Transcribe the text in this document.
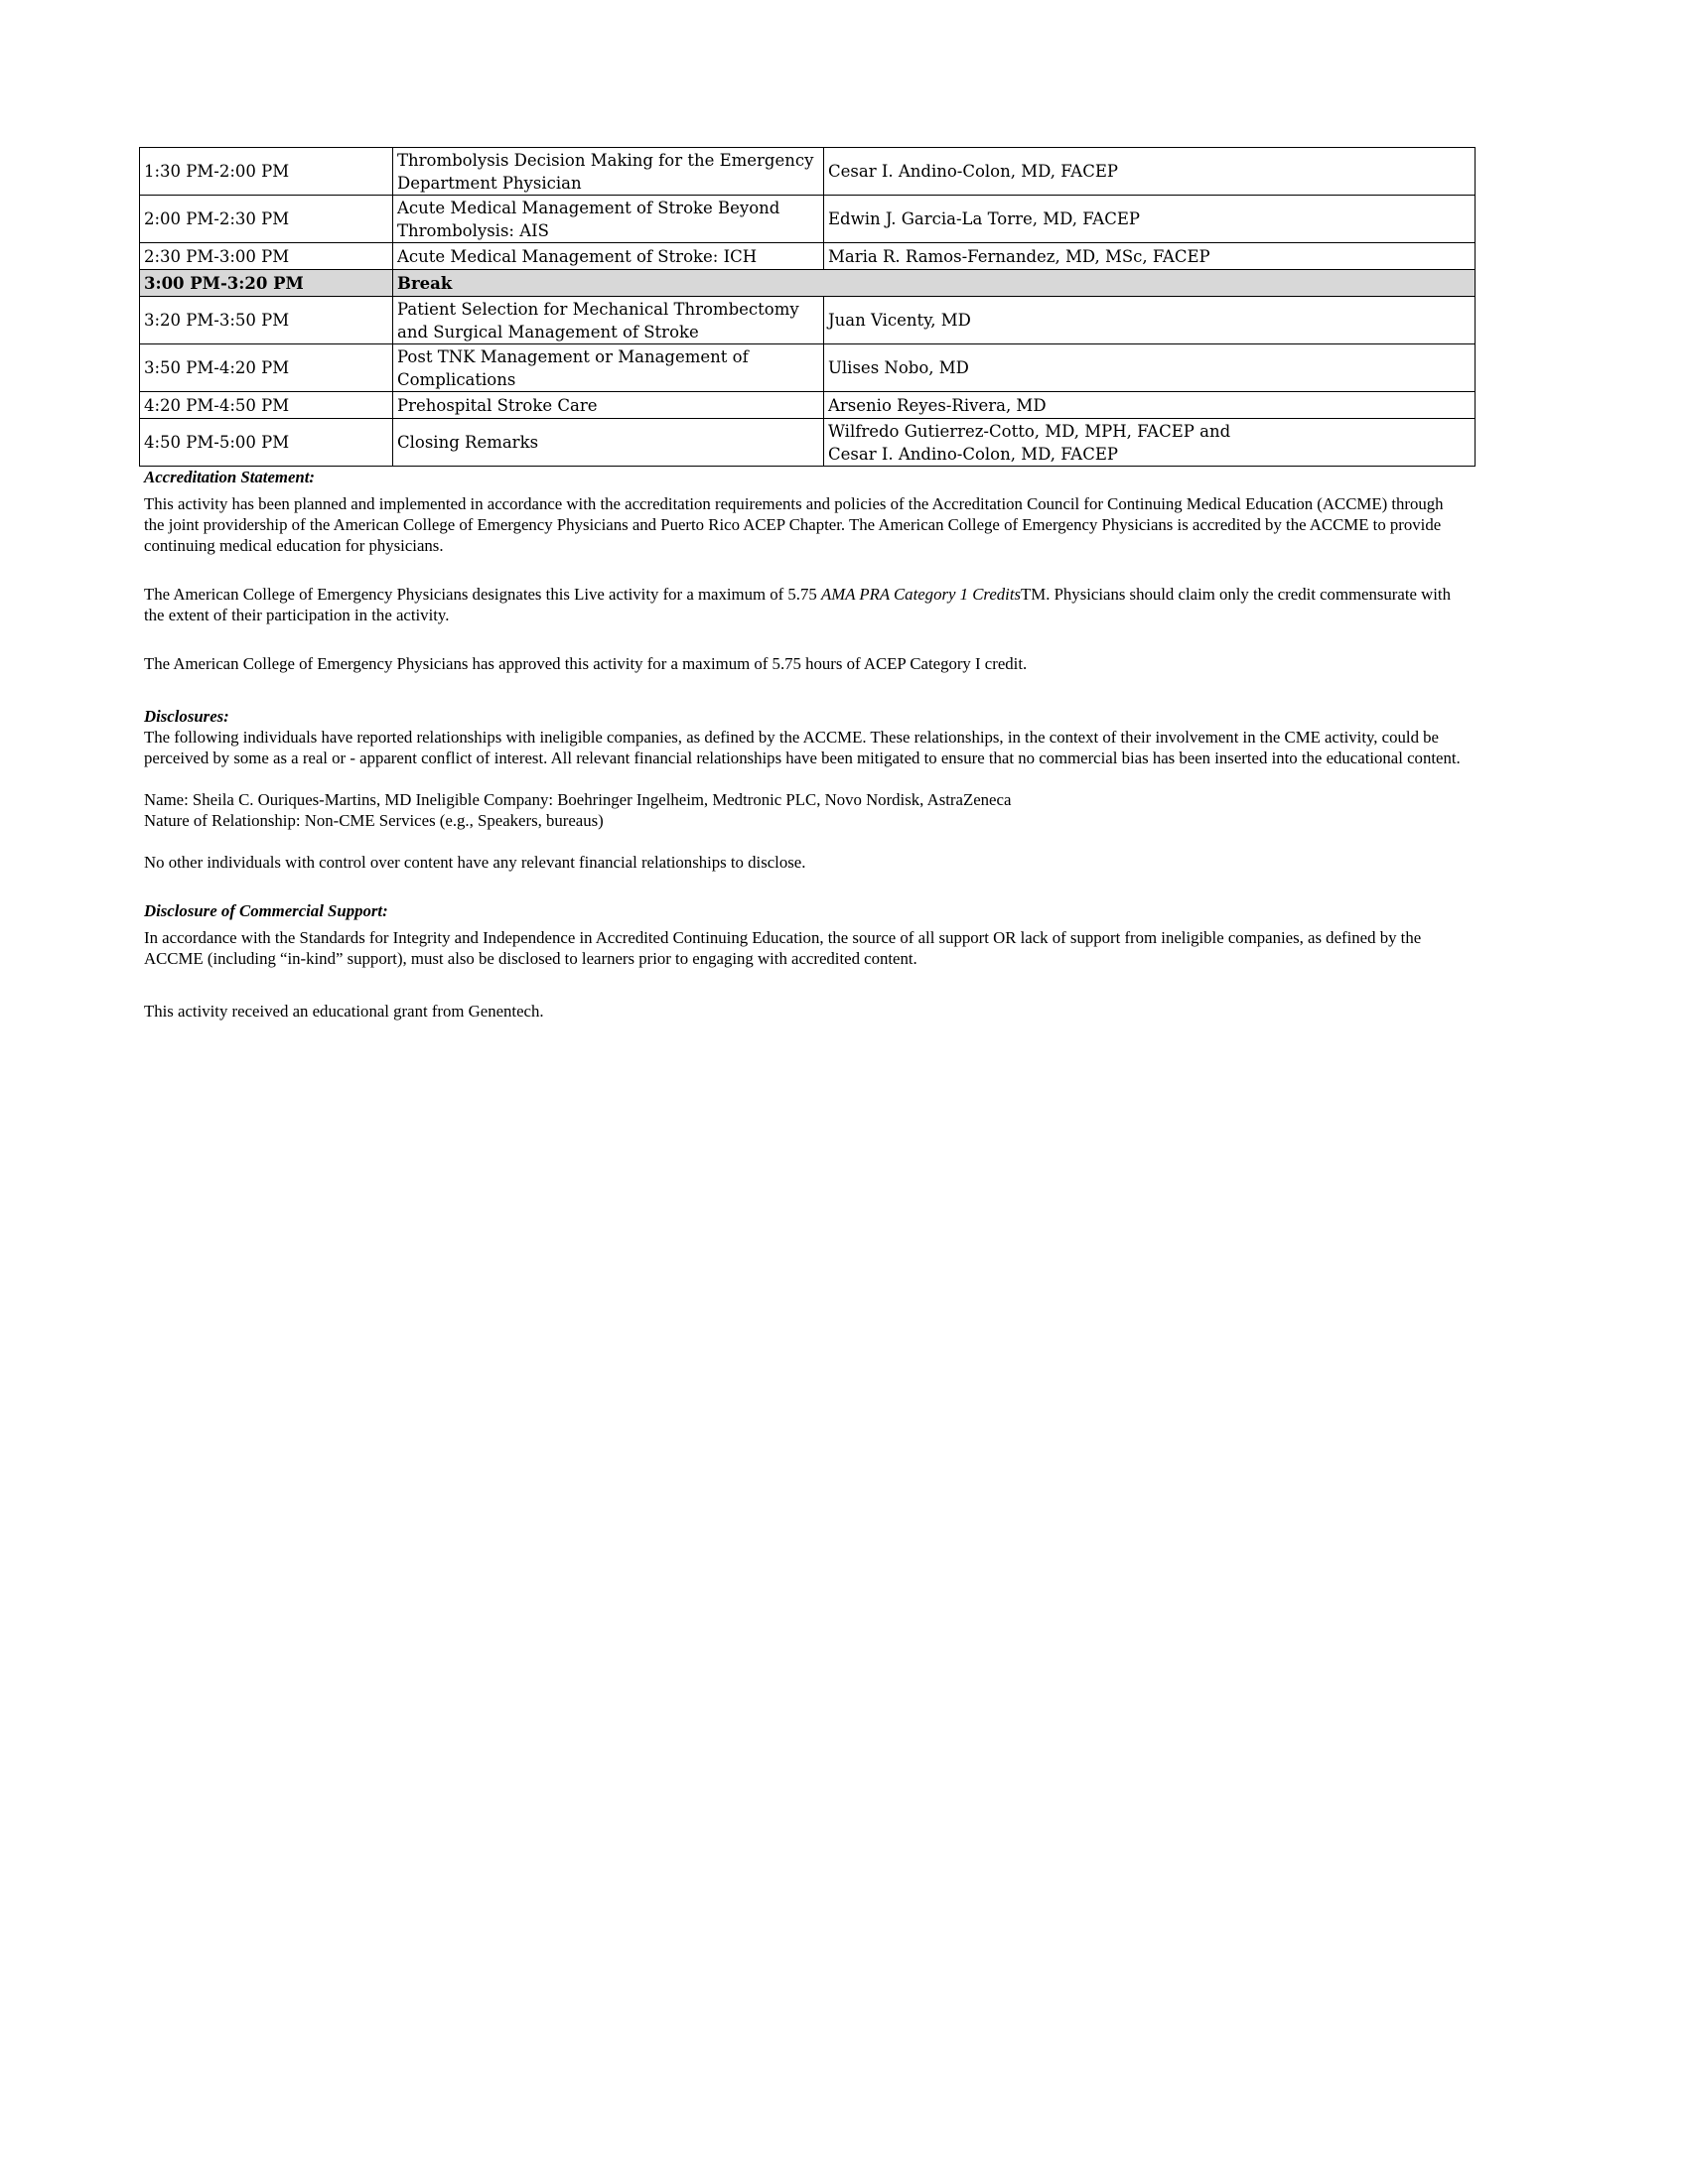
1:30 PM-2:00 PM	Thrombolysis Decision Making for the Emergency Department Physician	Cesar I. Andino-Colon, MD, FACEP
2:00 PM-2:30 PM	Acute Medical Management of Stroke Beyond Thrombolysis: AIS	Edwin J. Garcia-La Torre, MD, FACEP
2:30 PM-3:00 PM	Acute Medical Management of Stroke: ICH	Maria R. Ramos-Fernandez, MD, MSc, FACEP
3:00 PM-3:20 PM	Break	
3:20 PM-3:50 PM	Patient Selection for Mechanical Thrombectomy and Surgical Management of Stroke	Juan Vicenty, MD
3:50 PM-4:20 PM	Post TNK Management or Management of Complications	Ulises Nobo, MD
4:20 PM-4:50 PM	Prehospital Stroke Care	Arsenio Reyes-Rivera, MD
4:50 PM-5:00 PM	Closing Remarks	Wilfredo Gutierrez-Cotto, MD, MPH, FACEP and
Cesar I. Andino-Colon, MD, FACEP

Accreditation Statement:

This activity has been planned and implemented in accordance with the accreditation requirements and policies of the Accreditation Council for Continuing Medical Education (ACCME) through the joint providership of the American College of Emergency Physicians and Puerto Rico ACEP Chapter. The American College of Emergency Physicians is accredited by the ACCME to provide continuing medical education for physicians.

The American College of Emergency Physicians designates this Live activity for a maximum of 5.75 AMA PRA Category 1 CreditsTM. Physicians should claim only the credit commensurate with the extent of their participation in the activity.

The American College of Emergency Physicians has approved this activity for a maximum of 5.75 hours of ACEP Category I credit.

Disclosures:

The following individuals have reported relationships with ineligible companies, as defined by the ACCME. These relationships, in the context of their involvement in the CME activity, could be perceived by some as a real or - apparent conflict of interest. All relevant financial relationships have been mitigated to ensure that no commercial bias has been inserted into the educational content.

Name: Sheila C. Ouriques-Martins, MD Ineligible Company: Boehringer Ingelheim, Medtronic PLC, Novo Nordisk, AstraZeneca

Nature of Relationship: Non-CME Services (e.g., Speakers, bureaus)

No other individuals with control over content have any relevant financial relationships to disclose.

Disclosure of Commercial Support:

In accordance with the Standards for Integrity and Independence in Accredited Continuing Education, the source of all support OR lack of support from ineligible companies, as defined by the ACCME (including “in-kind” support), must also be disclosed to learners prior to engaging with accredited content.

This activity received an educational grant from Genentech.
